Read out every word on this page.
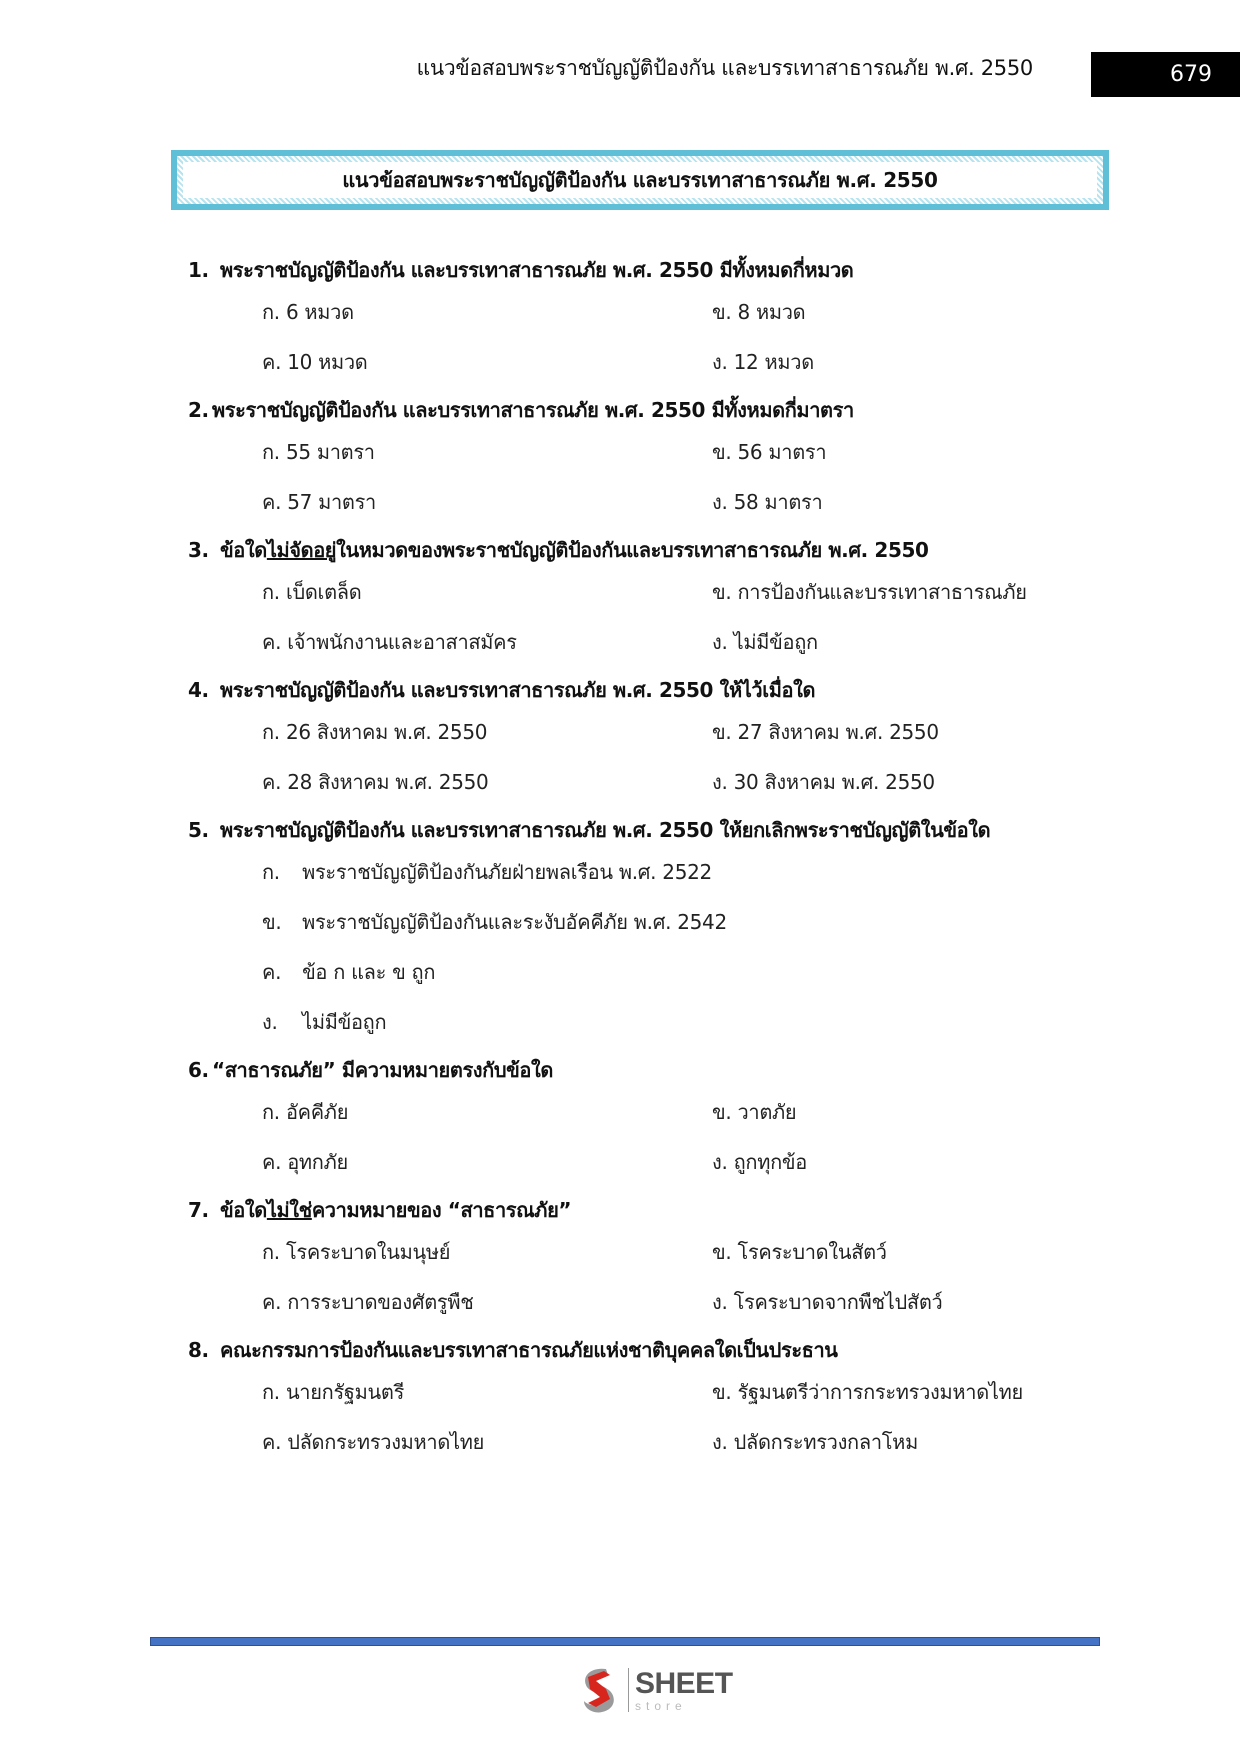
แนวข้อสอบพระราชบัญญัติป้องกัน และบรรเทาสาธารณภัย พ.ศ. 2550	679
แนวข้อสอบพระราชบัญญัติป้องกัน และบรรเทาสาธารณภัย พ.ศ. 2550
1. พระราชบัญญัติป้องกัน และบรรเทาสาธารณภัย พ.ศ. 2550 มีทั้งหมดกี่หมวด
ก. 6 หมวด	ข. 8 หมวด
ค. 10 หมวด	ง. 12 หมวด
2. พระราชบัญญัติป้องกัน และบรรเทาสาธารณภัย พ.ศ. 2550 มีทั้งหมดกี่มาตรา
ก. 55 มาตรา	ข. 56 มาตรา
ค. 57 มาตรา	ง. 58 มาตรา
3. ข้อใดไม่จัดอยู่ในหมวดของพระราชบัญญัติป้องกันและบรรเทาสาธารณภัย พ.ศ. 2550
ก. เบ็ดเตล็ด	ข. การป้องกันและบรรเทาสาธารณภัย
ค. เจ้าพนักงานและอาสาสมัคร	ง. ไม่มีข้อถูก
4. พระราชบัญญัติป้องกัน และบรรเทาสาธารณภัย พ.ศ. 2550 ให้ไว้เมื่อใด
ก. 26 สิงหาคม พ.ศ. 2550	ข. 27 สิงหาคม พ.ศ. 2550
ค. 28 สิงหาคม พ.ศ. 2550	ง. 30 สิงหาคม พ.ศ. 2550
5. พระราชบัญญัติป้องกัน และบรรเทาสาธารณภัย พ.ศ. 2550 ให้ยกเลิกพระราชบัญญัติในข้อใด
ก. พระราชบัญญัติป้องกันภัยฝ่ายพลเรือน พ.ศ. 2522
ข. พระราชบัญญัติป้องกันและระงับอัคคีภัย พ.ศ. 2542
ค. ข้อ ก และ ข ถูก
ง. ไม่มีข้อถูก
6. “สาธารณภัย” มีความหมายตรงกับข้อใด
ก. อัคคีภัย	ข. วาตภัย
ค. อุทกภัย	ง. ถูกทุกข้อ
7. ข้อใดไม่ใช่ความหมายของ “สาธารณภัย”
ก. โรคระบาดในมนุษย์	ข. โรคระบาดในสัตว์
ค. การระบาดของศัตรูพืช	ง. โรคระบาดจากพืชไปสัตว์
8. คณะกรรมการป้องกันและบรรเทาสาธารณภัยแห่งชาติบุคคลใดเป็นประธาน
ก. นายกรัฐมนตรี	ข. รัฐมนตรีว่าการกระทรวงมหาดไทย
ค. ปลัดกระทรวงมหาดไทย	ง. ปลัดกระทรวงกลาโหม
SHEET
store
